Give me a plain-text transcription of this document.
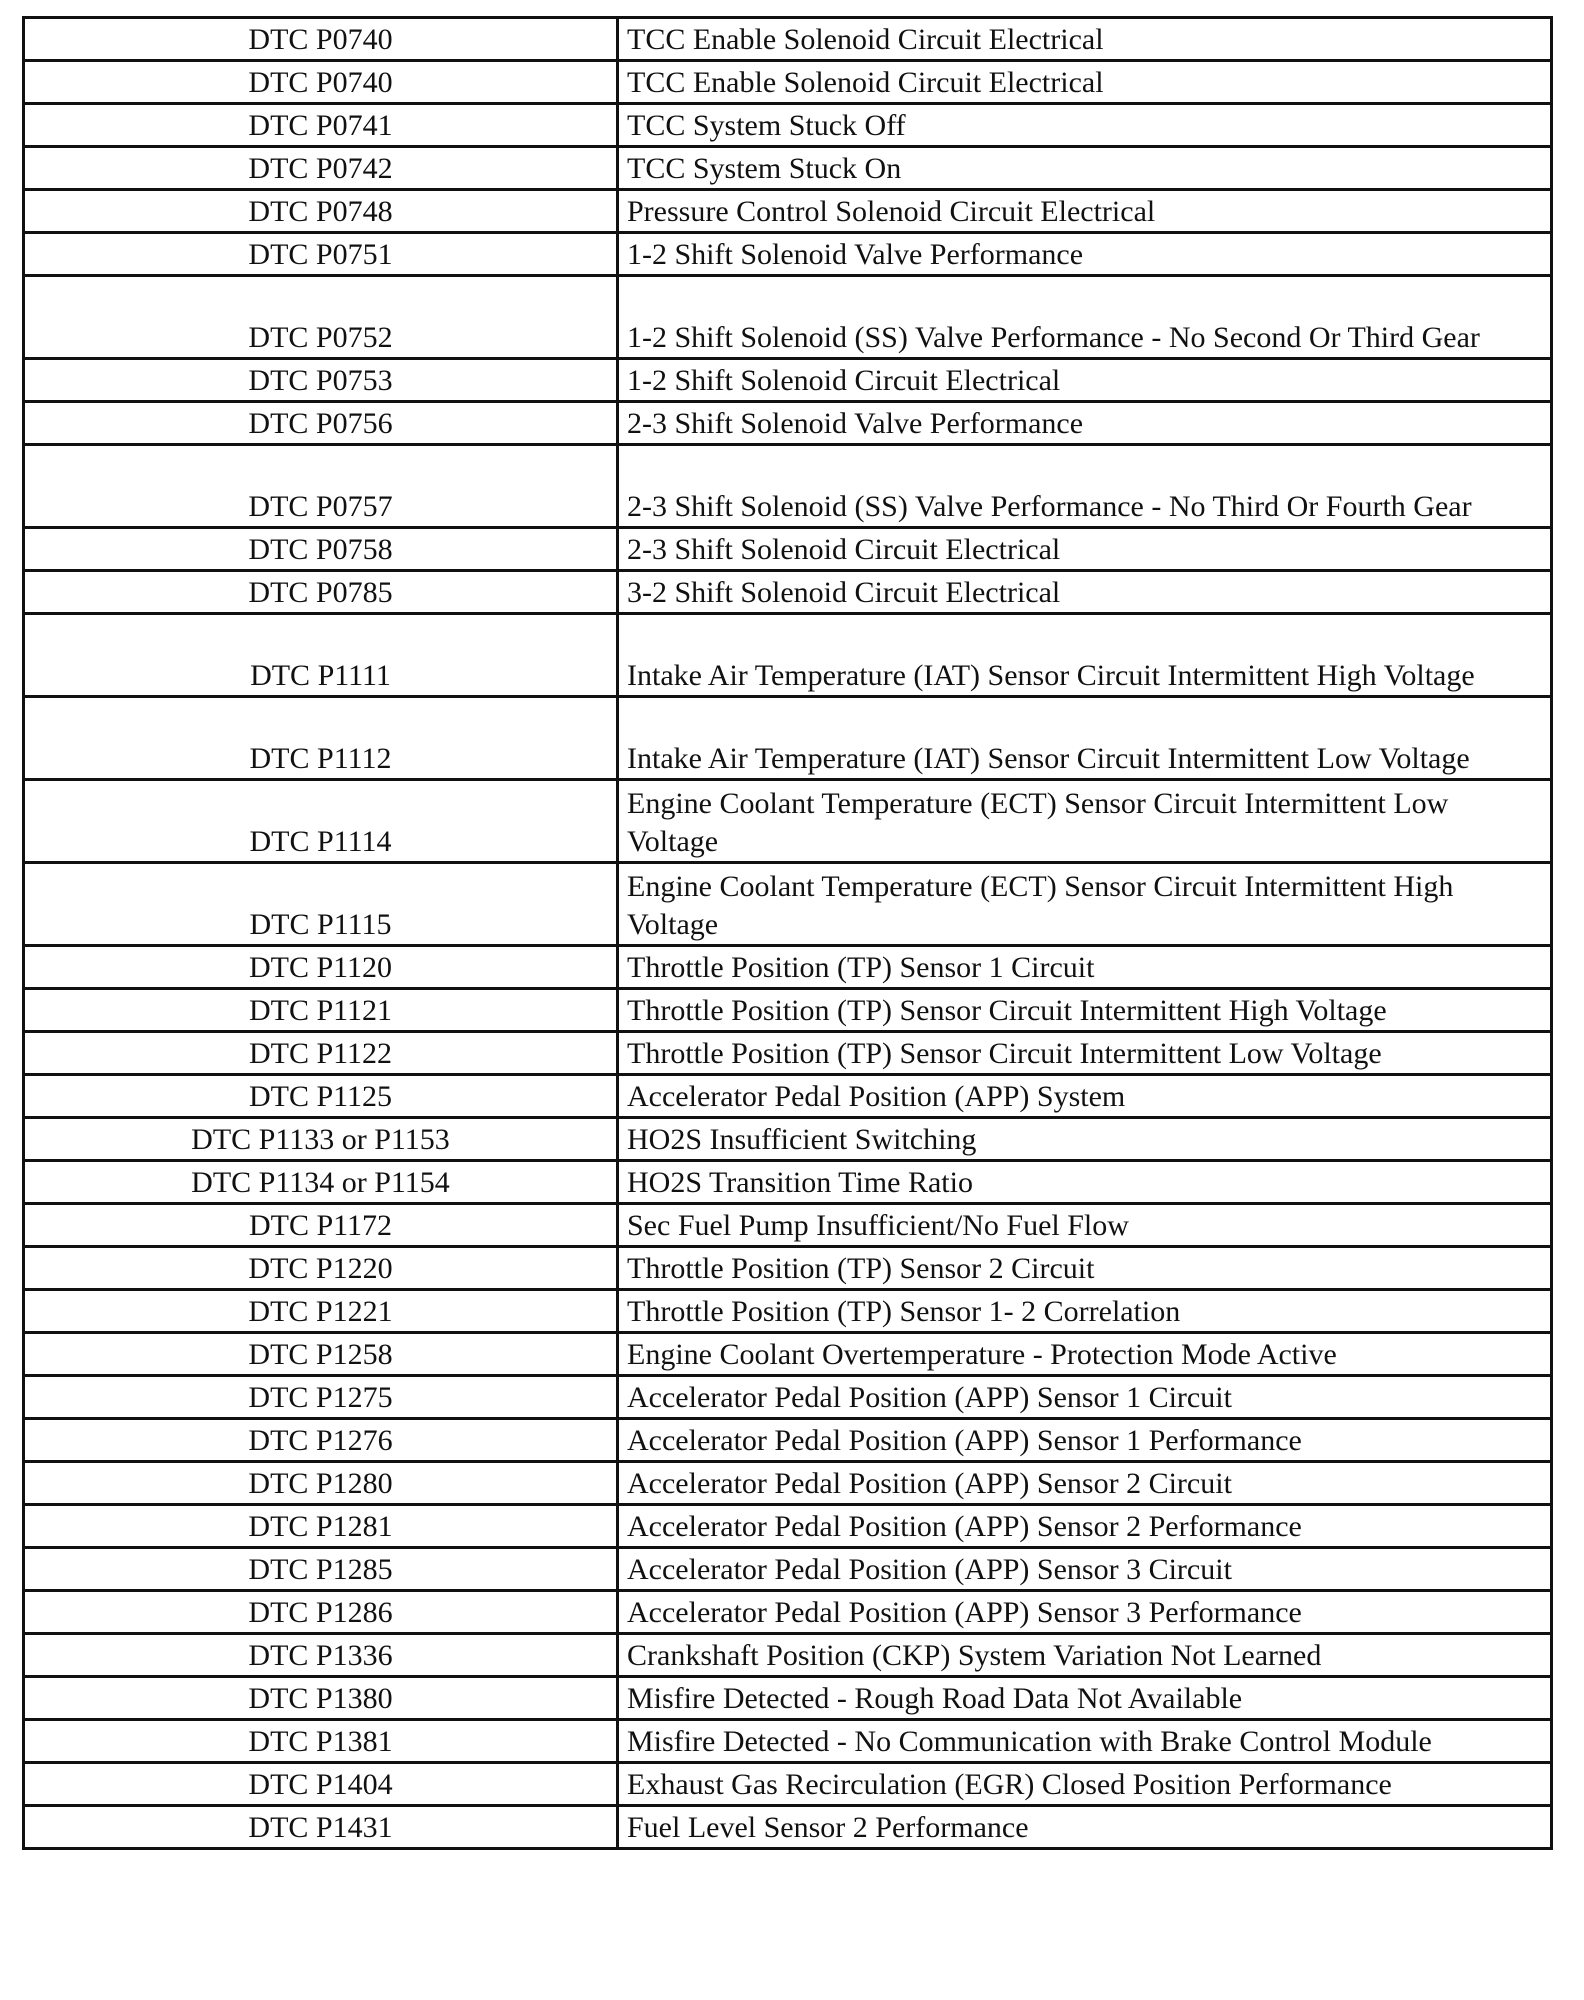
DTC P0740	TCC Enable Solenoid Circuit Electrical
DTC P0740	TCC Enable Solenoid Circuit Electrical
DTC P0741	TCC System Stuck Off
DTC P0742	TCC System Stuck On
DTC P0748	Pressure Control Solenoid Circuit Electrical
DTC P0751	1-2 Shift Solenoid Valve Performance
DTC P0752	1-2 Shift Solenoid (SS) Valve Performance - No Second Or Third Gear
DTC P0753	1-2 Shift Solenoid Circuit Electrical
DTC P0756	2-3 Shift Solenoid Valve Performance
DTC P0757	2-3 Shift Solenoid (SS) Valve Performance - No Third Or Fourth Gear
DTC P0758	2-3 Shift Solenoid Circuit Electrical
DTC P0785	3-2 Shift Solenoid Circuit Electrical
DTC P1111	Intake Air Temperature (IAT) Sensor Circuit Intermittent High Voltage
DTC P1112	Intake Air Temperature (IAT) Sensor Circuit Intermittent Low Voltage
DTC P1114	Engine Coolant Temperature (ECT) Sensor Circuit Intermittent Low Voltage
DTC P1115	Engine Coolant Temperature (ECT) Sensor Circuit Intermittent High Voltage
DTC P1120	Throttle Position (TP) Sensor 1 Circuit
DTC P1121	Throttle Position (TP) Sensor Circuit Intermittent High Voltage
DTC P1122	Throttle Position (TP) Sensor Circuit Intermittent Low Voltage
DTC P1125	Accelerator Pedal Position (APP) System
DTC P1133 or P1153	HO2S Insufficient Switching
DTC P1134 or P1154	HO2S Transition Time Ratio
DTC P1172	Sec Fuel Pump Insufficient/No Fuel Flow
DTC P1220	Throttle Position (TP) Sensor 2 Circuit
DTC P1221	Throttle Position (TP) Sensor 1- 2 Correlation
DTC P1258	Engine Coolant Overtemperature - Protection Mode Active
DTC P1275	Accelerator Pedal Position (APP) Sensor 1 Circuit
DTC P1276	Accelerator Pedal Position (APP) Sensor 1 Performance
DTC P1280	Accelerator Pedal Position (APP) Sensor 2 Circuit
DTC P1281	Accelerator Pedal Position (APP) Sensor 2 Performance
DTC P1285	Accelerator Pedal Position (APP) Sensor 3 Circuit
DTC P1286	Accelerator Pedal Position (APP) Sensor 3 Performance
DTC P1336	Crankshaft Position (CKP) System Variation Not Learned
DTC P1380	Misfire Detected - Rough Road Data Not Available
DTC P1381	Misfire Detected - No Communication with Brake Control Module
DTC P1404	Exhaust Gas Recirculation (EGR) Closed Position Performance
DTC P1431	Fuel Level Sensor 2 Performance
